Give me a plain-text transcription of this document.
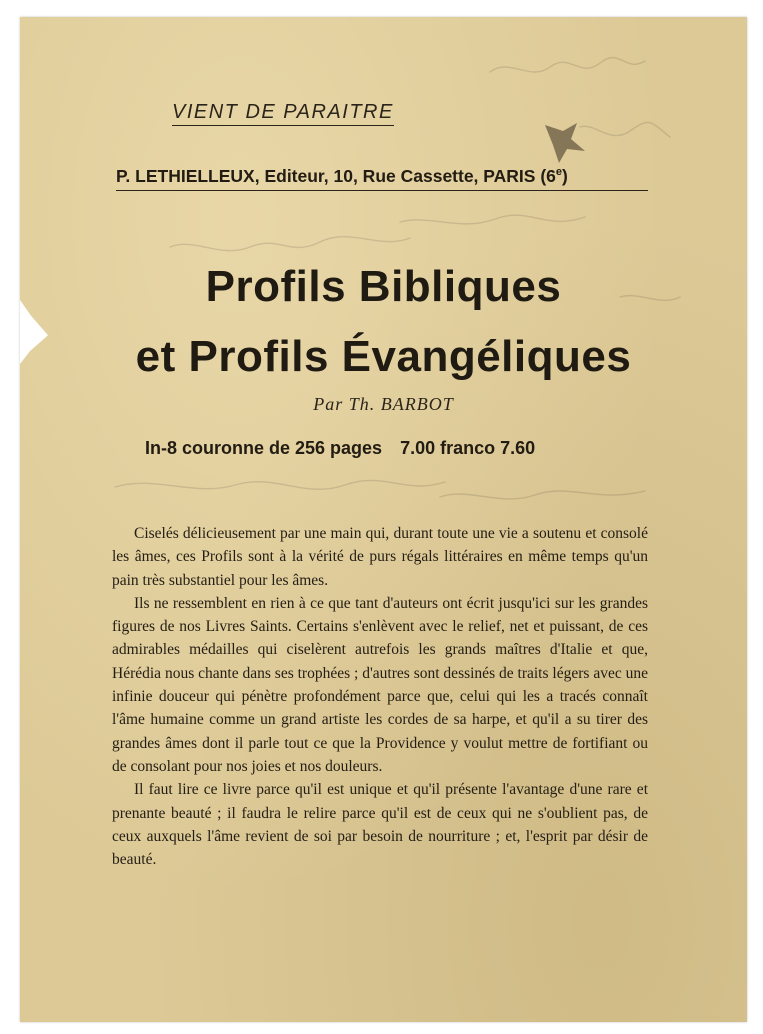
VIENT DE PARAITRE
P. LETHIELLEUX, Editeur, 10, Rue Cassette, PARIS (6e)
Profils Bibliques
et Profils Évangéliques
Par Th. BARBOT
In-8 couronne de 256 pages 7.00 franco 7.60

Ciselés délicieusement par une main qui, durant toute une vie a soutenu et consolé les âmes, ces Profils sont à la vérité de purs régals littéraires en même temps qu'un pain très substantiel pour les âmes.

Ils ne ressemblent en rien à ce que tant d'auteurs ont écrit jusqu'ici sur les grandes figures de nos Livres Saints. Certains s'enlèvent avec le relief, net et puissant, de ces admirables médailles qui ciselèrent autrefois les grands maîtres d'Italie et que, Hérédia nous chante dans ses trophées ; d'autres sont dessinés de traits légers avec une infinie douceur qui pénètre profondément parce que, celui qui les a tracés connaît l'âme humaine comme un grand artiste les cordes de sa harpe, et qu'il a su tirer des grandes âmes dont il parle tout ce que la Providence y voulut mettre de fortifiant ou de consolant pour nos joies et nos douleurs.

Il faut lire ce livre parce qu'il est unique et qu'il présente l'avantage d'une rare et prenante beauté ; il faudra le relire parce qu'il est de ceux qui ne s'oublient pas, de ceux auxquels l'âme revient de soi par besoin de nourriture ; et, l'esprit par désir de beauté.
